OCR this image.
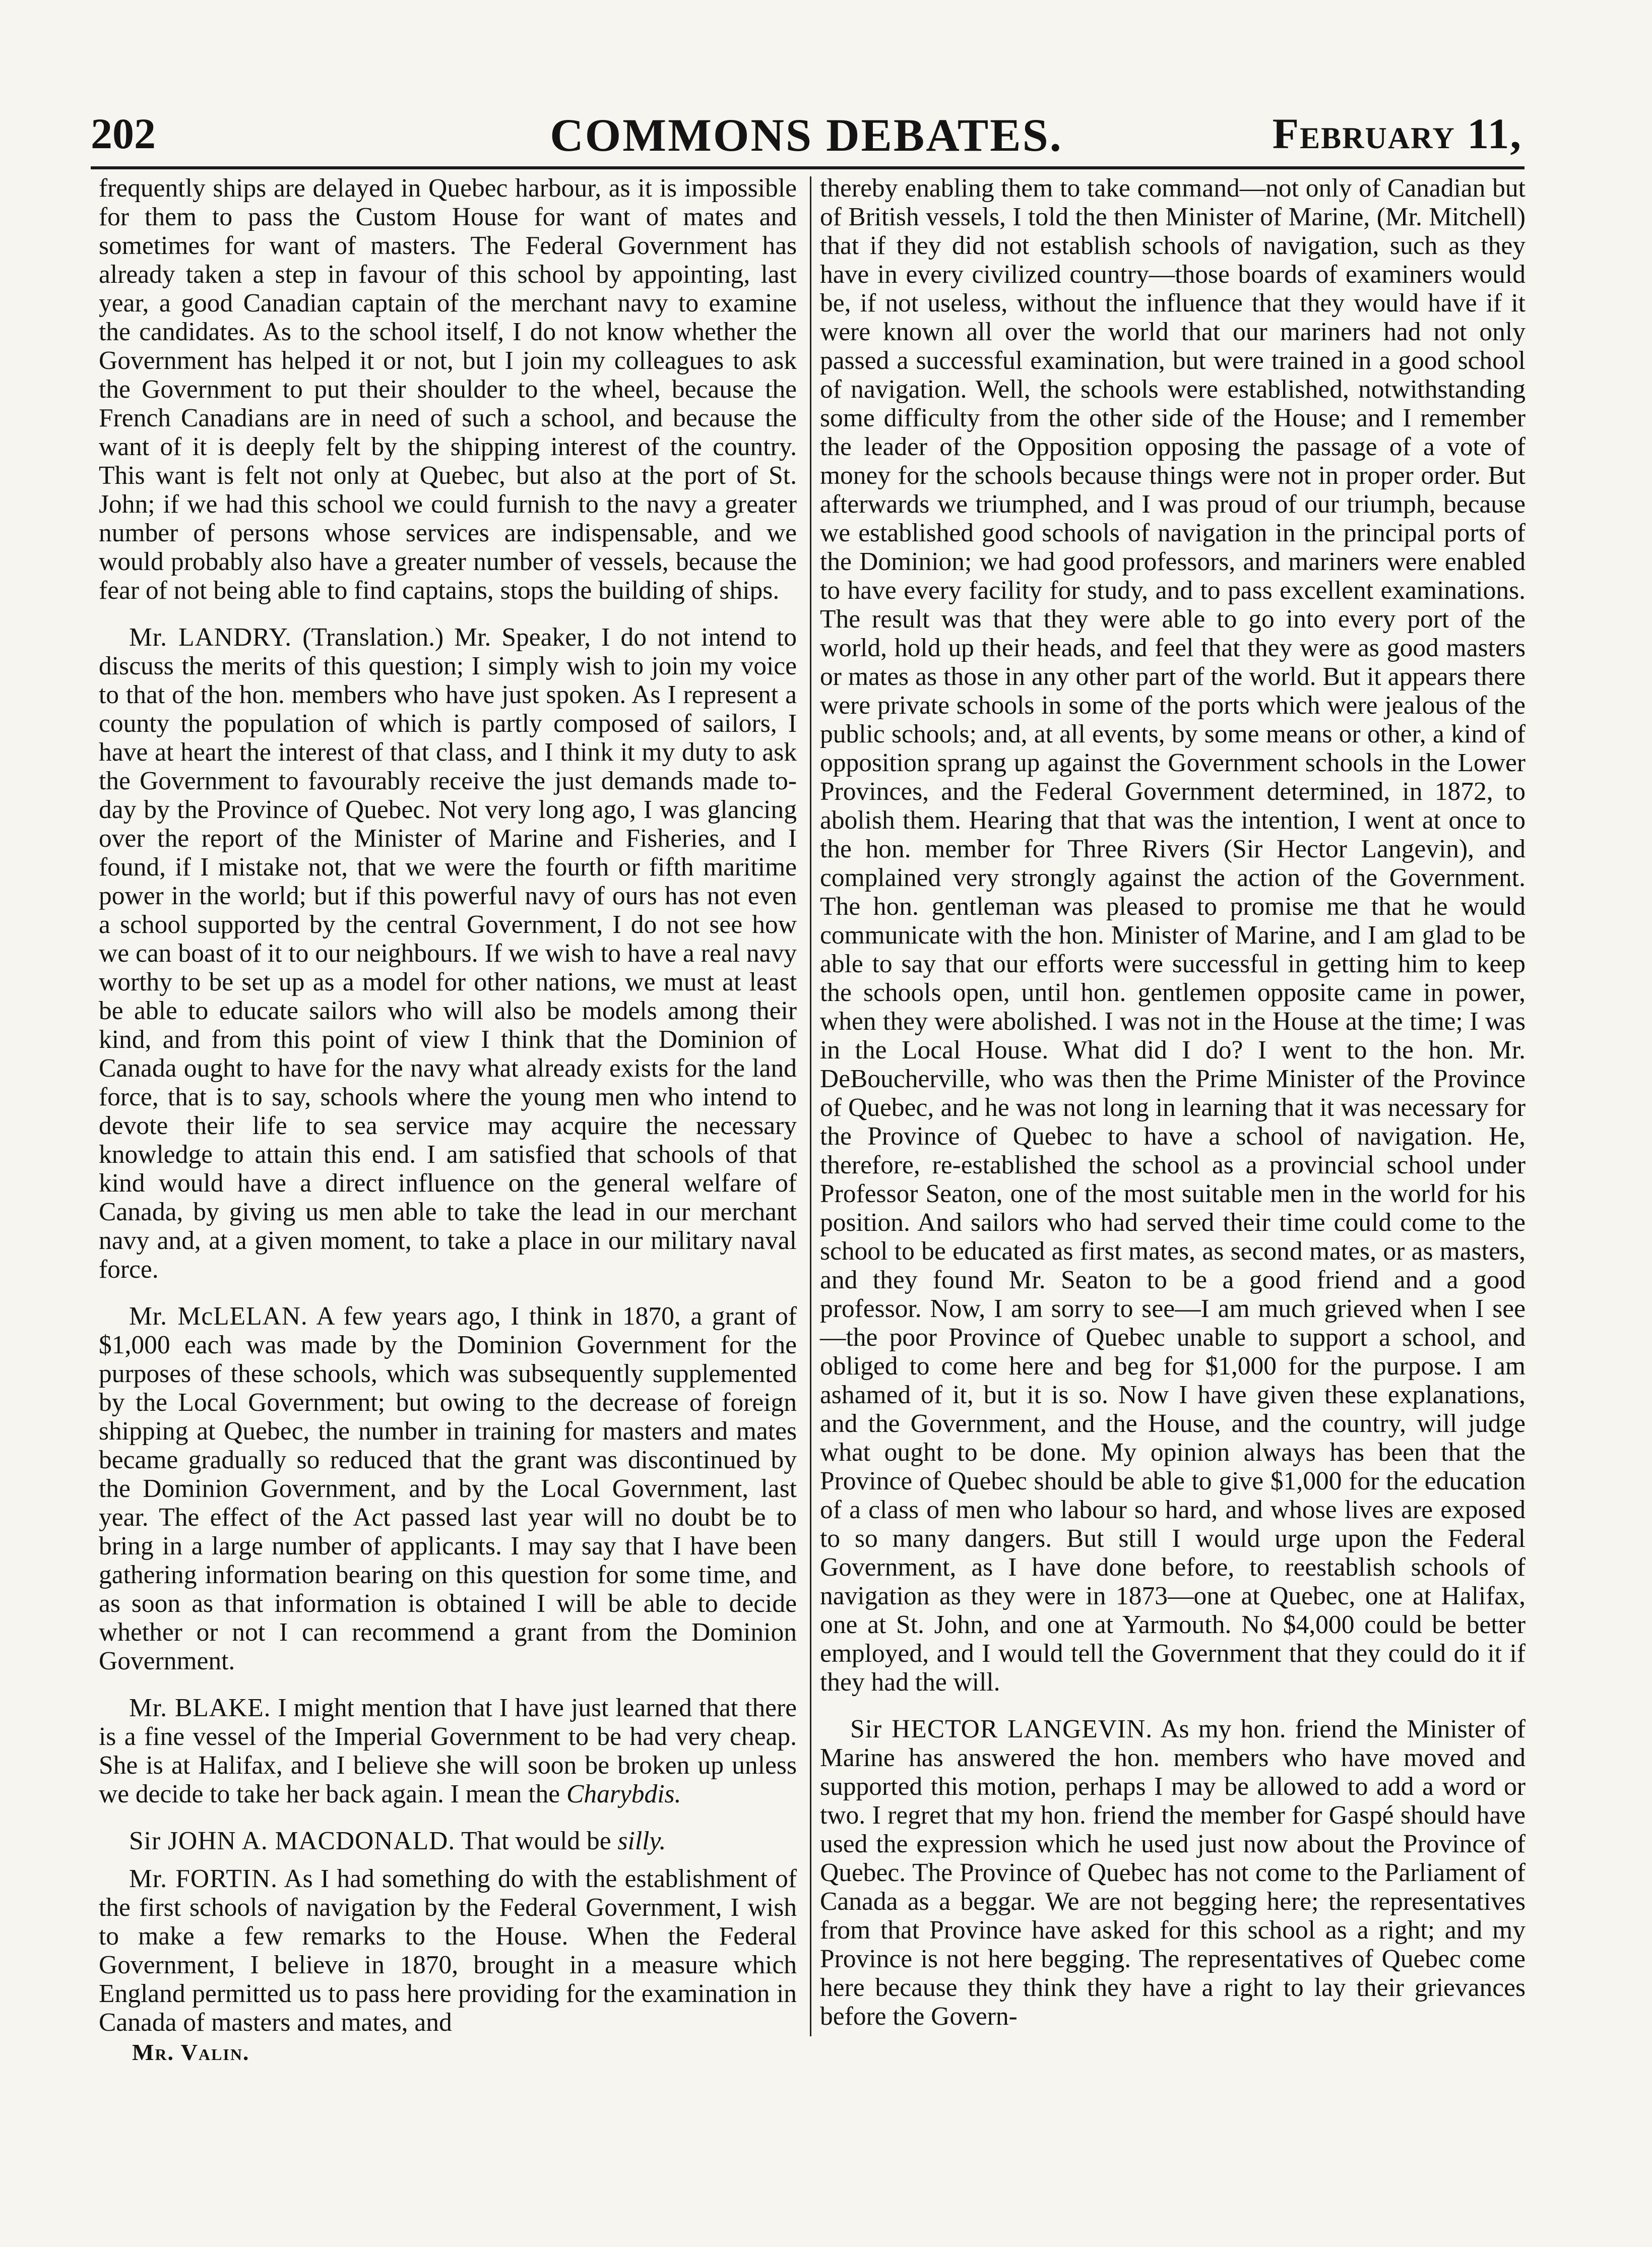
202	COMMONS DEBATES.	February 11,

frequently ships are delayed in Quebec harbour, as it is impossible for them to pass the Custom House for want of mates and sometimes for want of masters. The Federal Government has already taken a step in favour of this school by appointing, last year, a good Canadian captain of the merchant navy to examine the candidates. As to the school itself, I do not know whether the Government has helped it or not, but I join my colleagues to ask the Government to put their shoulder to the wheel, because the French Canadians are in need of such a school, and because the want of it is deeply felt by the shipping interest of the country. This want is felt not only at Quebec, but also at the port of St. John; if we had this school we could furnish to the navy a greater number of persons whose services are indispensable, and we would probably also have a greater number of vessels, because the fear of not being able to find captains, stops the building of ships.

Mr. LANDRY. (Translation.) Mr. Speaker, I do not intend to discuss the merits of this question; I simply wish to join my voice to that of the hon. members who have just spoken. As I represent a county the population of which is partly composed of sailors, I have at heart the interest of that class, and I think it my duty to ask the Government to favourably receive the just demands made to-day by the Province of Quebec. Not very long ago, I was glancing over the report of the Minister of Marine and Fisheries, and I found, if I mistake not, that we were the fourth or fifth maritime power in the world; but if this powerful navy of ours has not even a school supported by the central Government, I do not see how we can boast of it to our neighbours. If we wish to have a real navy worthy to be set up as a model for other nations, we must at least be able to educate sailors who will also be models among their kind, and from this point of view I think that the Dominion of Canada ought to have for the navy what already exists for the land force, that is to say, schools where the young men who intend to devote their life to sea service may acquire the necessary knowledge to attain this end. I am satisfied that schools of that kind would have a direct influence on the general welfare of Canada, by giving us men able to take the lead in our merchant navy and, at a given moment, to take a place in our military naval force.

Mr. McLELAN. A few years ago, I think in 1870, a grant of $1,000 each was made by the Dominion Government for the purposes of these schools, which was subsequently supplemented by the Local Government; but owing to the decrease of foreign shipping at Quebec, the number in training for masters and mates became gradually so reduced that the grant was discontinued by the Dominion Government, and by the Local Government, last year. The effect of the Act passed last year will no doubt be to bring in a large number of applicants. I may say that I have been gathering information bearing on this question for some time, and as soon as that information is obtained I will be able to decide whether or not I can recommend a grant from the Dominion Government.

Mr. BLAKE. I might mention that I have just learned that there is a fine vessel of the Imperial Government to be had very cheap. She is at Halifax, and I believe she will soon be broken up unless we decide to take her back again. I mean the Charybdis.

Sir JOHN A. MACDONALD. That would be silly.

Mr. FORTIN. As I had something do with the establishment of the first schools of navigation by the Federal Government, I wish to make a few remarks to the House. When the Federal Government, I believe in 1870, brought in a measure which England permitted us to pass here providing for the examination in Canada of masters and mates, and

thereby enabling them to take command—not only of Canadian but of British vessels, I told the then Minister of Marine, (Mr. Mitchell) that if they did not establish schools of navigation, such as they have in every civilized country—those boards of examiners would be, if not useless, without the influence that they would have if it were known all over the world that our mariners had not only passed a successful examination, but were trained in a good school of navigation. Well, the schools were established, notwithstanding some difficulty from the other side of the House; and I remember the leader of the Opposition opposing the passage of a vote of money for the schools because things were not in proper order. But afterwards we triumphed, and I was proud of our triumph, because we established good schools of navigation in the principal ports of the Dominion; we had good professors, and mariners were enabled to have every facility for study, and to pass excellent examinations. The result was that they were able to go into every port of the world, hold up their heads, and feel that they were as good masters or mates as those in any other part of the world. But it appears there were private schools in some of the ports which were jealous of the public schools; and, at all events, by some means or other, a kind of opposition sprang up against the Government schools in the Lower Provinces, and the Federal Government determined, in 1872, to abolish them. Hearing that that was the intention, I went at once to the hon. member for Three Rivers (Sir Hector Langevin), and complained very strongly against the action of the Government. The hon. gentleman was pleased to promise me that he would communicate with the hon. Minister of Marine, and I am glad to be able to say that our efforts were successful in getting him to keep the schools open, until hon. gentlemen opposite came in power, when they were abolished. I was not in the House at the time; I was in the Local House. What did I do? I went to the hon. Mr. DeBoucherville, who was then the Prime Minister of the Province of Quebec, and he was not long in learning that it was necessary for the Province of Quebec to have a school of navigation. He, therefore, re-established the school as a provincial school under Professor Seaton, one of the most suitable men in the world for his position. And sailors who had served their time could come to the school to be educated as first mates, as second mates, or as masters, and they found Mr. Seaton to be a good friend and a good professor. Now, I am sorry to see—I am much grieved when I see—the poor Province of Quebec unable to support a school, and obliged to come here and beg for $1,000 for the purpose. I am ashamed of it, but it is so. Now I have given these explanations, and the Government, and the House, and the country, will judge what ought to be done. My opinion always has been that the Province of Quebec should be able to give $1,000 for the education of a class of men who labour so hard, and whose lives are exposed to so many dangers. But still I would urge upon the Federal Government, as I have done before, to reestablish schools of navigation as they were in 1873—one at Quebec, one at Halifax, one at St. John, and one at Yarmouth. No $4,000 could be better employed, and I would tell the Government that they could do it if they had the will.

Sir HECTOR LANGEVIN. As my hon. friend the Minister of Marine has answered the hon. members who have moved and supported this motion, perhaps I may be allowed to add a word or two. I regret that my hon. friend the member for Gaspé should have used the expression which he used just now about the Province of Quebec. The Province of Quebec has not come to the Parliament of Canada as a beggar. We are not begging here; the representatives from that Province have asked for this school as a right; and my Province is not here begging. The representatives of Quebec come here because they think they have a right to lay their grievances before the Govern-

Mr. Valin.
